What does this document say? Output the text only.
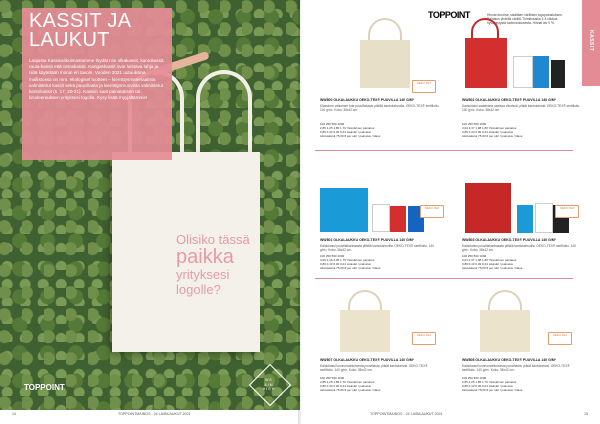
KASSIT JA LAUKUT

Laajasta Kassivalikoimastamme löydät niin olkakassit, kantokassit, rauta-kassit että ostoskassit. Kangaskassit ovat loistava lahja ja niitä käytetään monin eri tavoin. Vuoden 2021 uutuuksina mallistossa on mm. ekologiset tuotteet – kierrätysmateriaalista valmistetut kassit sekä puuvillasta ja kierrätysmuovista valmistetut kantokassit (s. 17, 20-21). Kassiin saat painatuksen tai brodeerauksen yrityksesi logolla. Kysy lisää myyjältämme!

Olisiko tässä
paikka
yrityksesi
logolle?
TOPPOINT
WE
AIM
HIGH
14	TOPPOINTMAINOS - 24 LAIBILAUKUT 2021
TOPPOINT	Hinnat euroina, sisältäen värillisen logopainatuksen. Painatus yhdellä värillä. Toimitusaika 3-4 viikkoa hyväksytystä tuotevedoksesta. Hinnat alv 0 %.
KASSIT
OEKO-TEX
WW800 OLKALAUKKU OEKO-TEX® PUUVILLA 140 G/M²
Klassinen valkoinen tote puuvillakassi pitkillä kantokahvoilla. OEKO-TEX® sertifioitu. 140 g/m². Koko: 38x42 cm.
100 250 500 1000
2,85 2,25 1,85 1,70 Yksivärinen painatus
0,89 0,43 0,30 0,24 Lisäväri / painatus
Aloituskulut 75,00 € per väri / painatus / tilaus
WW802 OLKALAUKKU OEKO-TEX® PUUVILLA 140 G/M²
Kantokassi saatavana useissa väreissä, pitkät kantokahvat. OEKO-TEX® sertifioitu. 140 g/m². Koko: 38x42 cm.
100 250 500 1000
3,04 2,37 1,98 1,80 Yksivärinen painatus
0,89 0,43 0,30 0,24 Lisäväri / painatus
Aloituskulut 75,00 € per väri / painatus / tilaus
OEKO-TEX
WW801 OLKALAUKKU OEKO-TEX® PUUVILLA 140 G/M²
Kantokassi puuvillakankaasta pitkillä kantokahvoilla. OEKO-TEX® sertifioitu. 140 g/m². Koko: 38x42 cm.
100 250 500 1000
3,09 2,46 2,05 1,79 Yksivärinen painatus
0,89 0,43 0,30 0,24 Lisäväri / painatus
Aloituskulut 75,00 € per väri / painatus / tilaus
OEKO-TEX
WW803 OLKALAUKKU OEKO-TEX® PUUVILLA 140 G/M²
Kantokassi puuvillakankaasta pitkillä kantokahvoilla. OEKO-TEX® sertifioitu. 140 g/m². Koko: 38x42 cm.
100 250 500 1000
3,04 2,37 1,98 1,80 Yksivärinen painatus
0,89 0,43 0,30 0,24 Lisäväri / painatus
Aloituskulut 75,00 € per väri / painatus / tilaus
OEKO-TEX
WW807 OLKALAUKKU OEKO-TEX® PUUVILLA 140 G/M²
Kantokassi luonnonvalkoisesta puuvillasta, pitkät kantokahvat. OEKO-TEX® sertifioitu. 140 g/m². Koko: 38x42 cm.
100 250 500 1000
2,85 2,25 1,85 1,70 Yksivärinen painatus
0,89 0,43 0,30 0,24 Lisäväri / painatus
Aloituskulut 75,00 € per väri / painatus / tilaus
OEKO-TEX
WW808 OLKALAUKKU OEKO-TEX® PUUVILLA 140 G/M²
Kantokassi luonnonvalkoisesta puuvillasta, pitkät kantokahvat. OEKO-TEX® sertifioitu. 140 g/m². Koko: 38x42 cm.
100 250 500 1000
2,85 2,25 1,85 1,70 Yksivärinen painatus
0,89 0,43 0,30 0,24 Lisäväri / painatus
Aloituskulut 75,00 € per väri / painatus / tilaus
TOPPOINTMAINOS - 24 LAIBILAUKUT 2021	15
